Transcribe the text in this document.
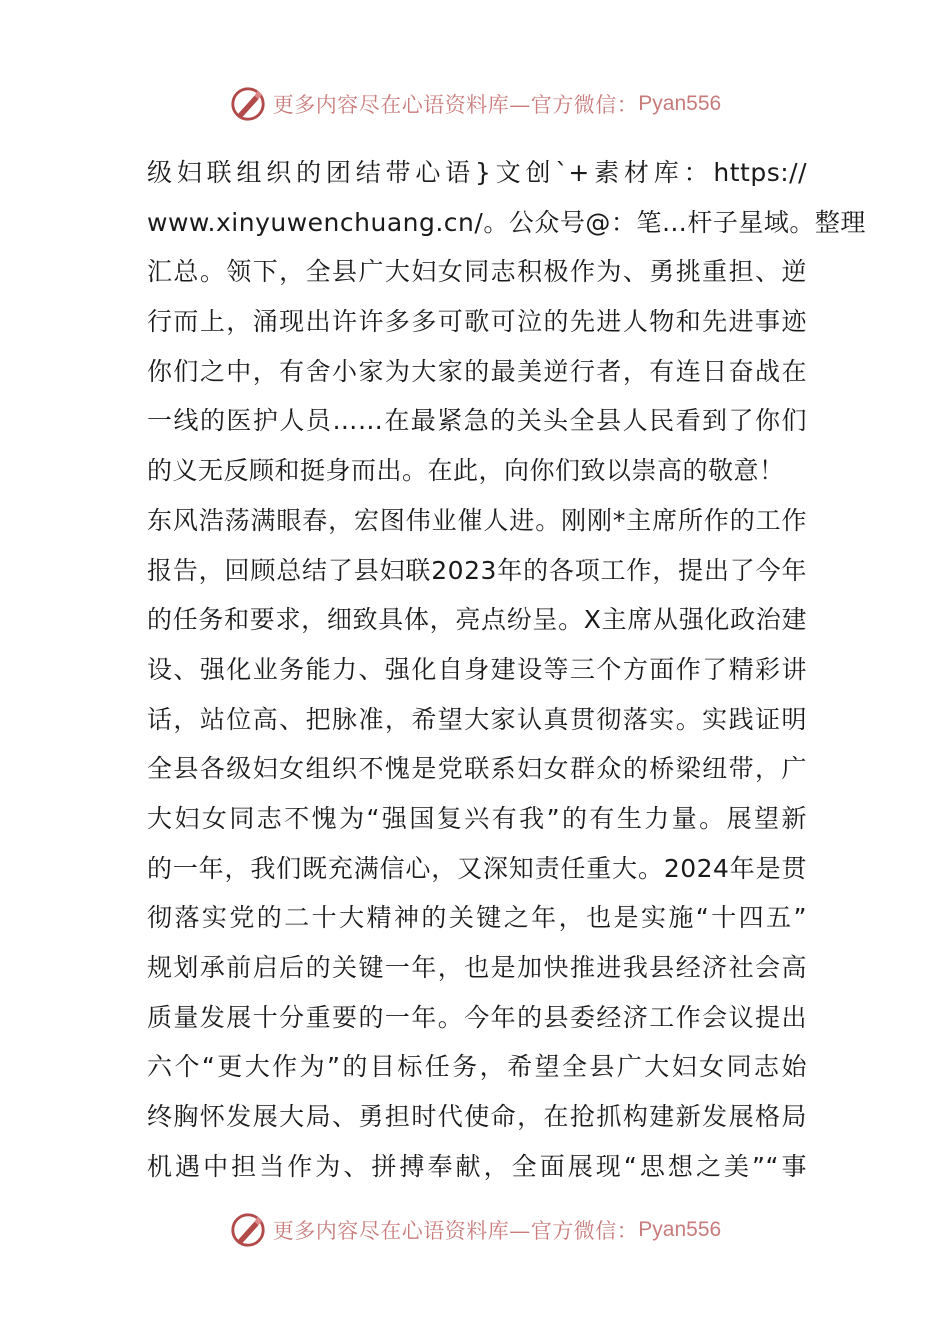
更多内容尽在心语资料库—官方微信： Pyan556
级妇联组织的团结带心语}文创`+素材库：https://
www.xinyuwenchuang.cn/。公众号@：笔…杆子星域。整理
汇总。领下，全县广大妇女同志积极作为、勇挑重担、逆
行而上，涌现出许许多多可歌可泣的先进人物和先进事迹
你们之中，有舍小家为大家的最美逆行者，有连日奋战在
一线的医护人员……在最紧急的关头全县人民看到了你们
的义无反顾和挺身而出。在此，向你们致以崇高的敬意！
东风浩荡满眼春，宏图伟业催人进。刚刚*主席所作的工作
报告，回顾总结了县妇联2023年的各项工作，提出了今年
的任务和要求，细致具体，亮点纷呈。X主席从强化政治建
设、强化业务能力、强化自身建设等三个方面作了精彩讲
话，站位高、把脉准，希望大家认真贯彻落实。实践证明
全县各级妇女组织不愧是党联系妇女群众的桥梁纽带，广
大妇女同志不愧为“强国复兴有我”的有生力量。展望新
的一年，我们既充满信心，又深知责任重大。2024年是贯
彻落实党的二十大精神的关键之年，也是实施“十四五”
规划承前启后的关键一年，也是加快推进我县经济社会高
质量发展十分重要的一年。今年的县委经济工作会议提出
六个“更大作为”的目标任务，希望全县广大妇女同志始
终胸怀发展大局、勇担时代使命，在抢抓构建新发展格局
机遇中担当作为、拼搏奉献，全面展现“思想之美”“事
更多内容尽在心语资料库—官方微信： Pyan556
